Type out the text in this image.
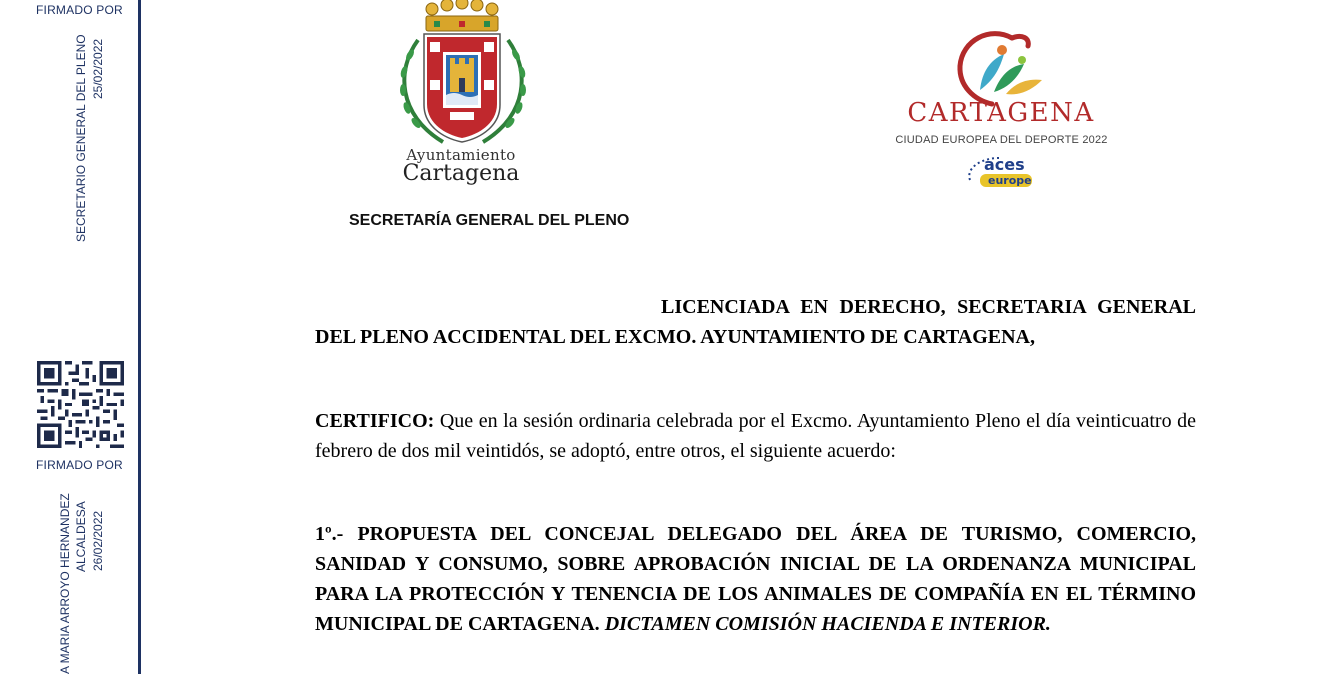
FIRMADO POR
SECRETARIO GENERAL DEL PLENO 25/02/2022
FIRMADO POR
A MARIA ARROYO HERNANDEZ ALCALDESA 26/02/2022
Ayuntamiento
Cartagena
SECRETARÍA GENERAL DEL PLENO
CARTAGENA
CIUDAD EUROPEA DEL DEPORTE 2022
aces
europe
LICENCIADA EN DERECHO, SECRETARIA GENERAL DEL PLENO ACCIDENTAL DEL EXCMO. AYUNTAMIENTO DE CARTAGENA,
CERTIFICO: Que en la sesión ordinaria celebrada por el Excmo. Ayuntamiento Pleno el día veinticuatro de febrero de dos mil veintidós, se adoptó, entre otros, el siguiente acuerdo:
1º.- PROPUESTA DEL CONCEJAL DELEGADO DEL ÁREA DE TURISMO, COMERCIO, SANIDAD Y CONSUMO, SOBRE APROBACIÓN INICIAL DE LA ORDENANZA MUNICIPAL PARA LA PROTECCIÓN Y TENENCIA DE LOS ANIMALES DE COMPAÑÍA EN EL TÉRMINO MUNICIPAL DE CARTAGENA. DICTAMEN COMISIÓN HACIENDA E INTERIOR.
